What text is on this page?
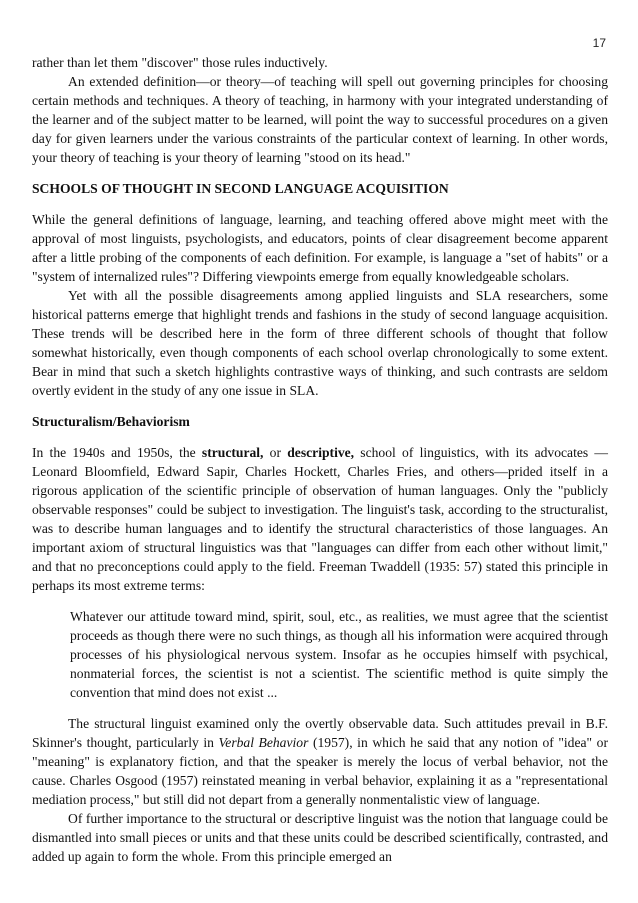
17

rather than let them "discover" those rules inductively.

An extended definition—or theory—of teaching will spell out governing principles for choosing certain methods and techniques. A theory of teaching, in harmony with your integrated understanding of the learner and of the subject matter to be learned, will point the way to successful procedures on a given day for given learners under the various constraints of the particular context of learning. In other words, your theory of teaching is your theory of learning "stood on its head."

SCHOOLS OF THOUGHT IN SECOND LANGUAGE ACQUISITION

While the general definitions of language, learning, and teaching offered above might meet with the approval of most linguists, psychologists, and educators, points of clear disagreement become apparent after a little probing of the components of each definition. For example, is language a "set of habits" or a "system of internalized rules"? Differing viewpoints emerge from equally knowledgeable scholars.

Yet with all the possible disagreements among applied linguists and SLA researchers, some historical patterns emerge that highlight trends and fashions in the study of second language acquisition. These trends will be described here in the form of three different schools of thought that follow somewhat historically, even though components of each school overlap chronologically to some extent. Bear in mind that such a sketch highlights contrastive ways of thinking, and such contrasts are seldom overtly evident in the study of any one issue in SLA.

Structuralism/Behaviorism

In the 1940s and 1950s, the structural, or descriptive, school of linguistics, with its advocates —Leonard Bloomfield, Edward Sapir, Charles Hockett, Charles Fries, and others—prided itself in a rigorous application of the scientific principle of observation of human languages. Only the "publicly observable responses" could be subject to investigation. The linguist's task, according to the structuralist, was to describe human languages and to identify the structural characteristics of those languages. An important axiom of structural linguistics was that "languages can differ from each other without limit," and that no preconceptions could apply to the field. Freeman Twaddell (1935: 57) stated this principle in perhaps its most extreme terms:

Whatever our attitude toward mind, spirit, soul, etc., as realities, we must agree that the scientist proceeds as though there were no such things, as though all his information were acquired through processes of his physiological nervous system. Insofar as he occupies himself with psychical, nonmaterial forces, the scientist is not a scientist. The scientific method is quite simply the convention that mind does not exist ...

The structural linguist examined only the overtly observable data. Such attitudes prevail in B.F. Skinner's thought, particularly in Verbal Behavior (1957), in which he said that any notion of "idea" or "meaning" is explanatory fiction, and that the speaker is merely the locus of verbal behavior, not the cause. Charles Osgood (1957) reinstated meaning in verbal behavior, explaining it as a "representational mediation process," but still did not depart from a generally nonmentalistic view of language.

Of further importance to the structural or descriptive linguist was the notion that language could be dismantled into small pieces or units and that these units could be described scientifically, contrasted, and added up again to form the whole. From this principle emerged an
